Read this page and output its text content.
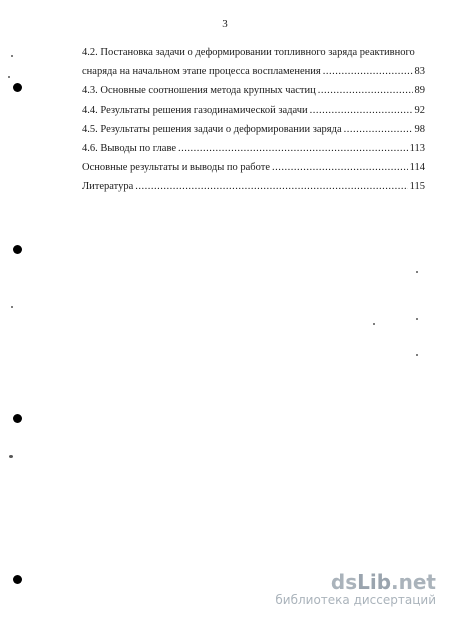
3
4.2. Постановка задачи о деформировании топливного заряда реактивного
снаряда на начальном этапе процесса воспламенения .....	83
4.3. Основные соотношения метода крупных частиц .....	89
4.4. Результаты решения газодинамической задачи .....	92
4.5. Результаты решения задачи о деформировании заряда .....	98
4.6. Выводы по главе .....	113
Основные результаты и выводы по работе .....	114
Литература .....	115
dsLib.net
библиотека диссертаций
